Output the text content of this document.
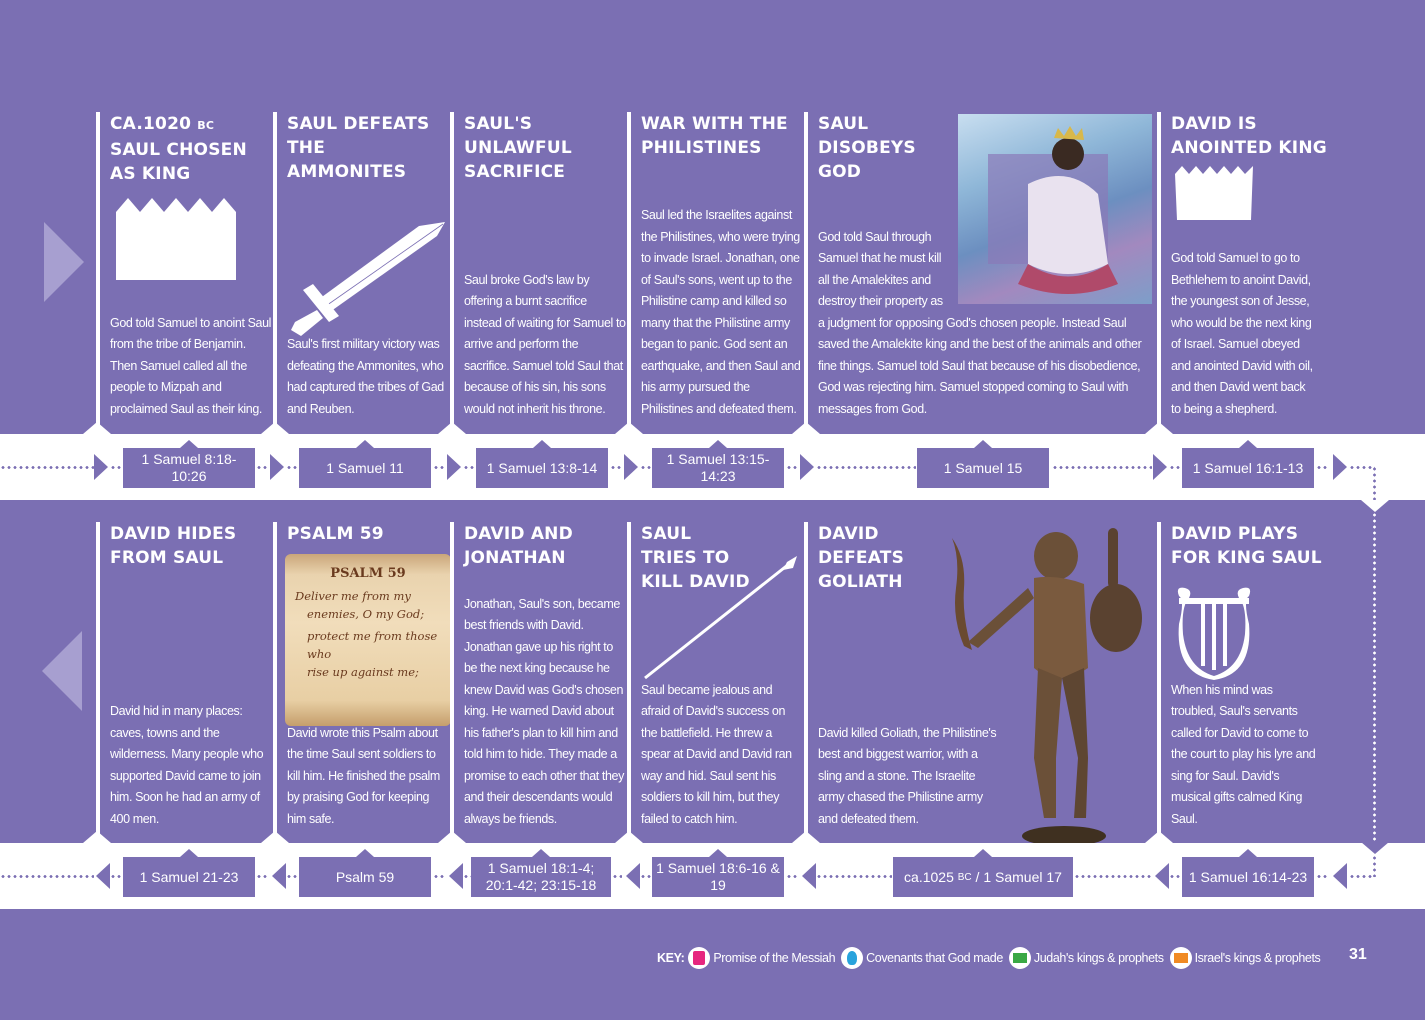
CA.1020 BC SAUL CHOSEN AS KING
God told Samuel to anoint Saul from the tribe of Benjamin. Then Samuel called all the people to Mizpah and proclaimed Saul as their king.
SAUL DEFEATS THE AMMONITES
Saul's first military victory was defeating the Ammonites, who had captured the tribes of Gad and Reuben.
SAUL'S UNLAWFUL SACRIFICE
Saul broke God's law by offering a burnt sacrifice instead of waiting for Samuel to arrive and perform the sacrifice. Samuel told Saul that because of his sin, his sons would not inherit his throne.
WAR WITH THE PHILISTINES
Saul led the Israelites against the Philistines, who were trying to invade Israel. Jonathan, one of Saul's sons, went up to the Philistine camp and killed so many that the Philistine army began to panic. God sent an earthquake, and then Saul and his army pursued the Philistines and defeated them.
SAUL DISOBEYS GOD
God told Saul through Samuel that he must kill all the Amalekites and destroy their property as
a judgment for opposing God's chosen people. Instead Saul saved the Amalekite king and the best of the animals and other fine things. Samuel told Saul that because of his disobedience, God was rejecting him. Samuel stopped coming to Saul with messages from God.
DAVID IS ANOINTED KING
God told Samuel to go to Bethlehem to anoint David, the youngest son of Jesse, who would be the next king of Israel. Samuel obeyed and anointed David with oil, and then David went back to being a shepherd.
1 Samuel 8:18-10:26
1 Samuel 11	1 Samuel 13:8-14
1 Samuel 13:15-14:23
1 Samuel 15	1 Samuel 16:1-13
DAVID HIDES FROM SAUL
David hid in many places: caves, towns and the wilderness. Many people who supported David came to join him. Soon he had an army of 400 men.
PSALM 59
PSALM 59
Deliver me from my
enemies, O my God;
protect me from those who
rise up against me;
David wrote this Psalm about the time Saul sent soldiers to kill him. He finished the psalm by praising God for keeping him safe.
DAVID AND JONATHAN
Jonathan, Saul's son, became best friends with David. Jonathan gave up his right to be the next king because he knew David was God's chosen king. He warned David about his father's plan to kill him and told him to hide. They made a promise to each other that they and their descendants would always be friends.
SAUL TRIES TO KILL DAVID
Saul became jealous and afraid of David's success on the battlefield. He threw a spear at David and David ran way and hid. Saul sent his soldiers to kill him, but they failed to catch him.
DAVID DEFEATS GOLIATH
David killed Goliath, the Philistine's best and biggest warrior, with a sling and a stone. The Israelite army chased the Philistine army and defeated them.
DAVID PLAYS FOR KING SAUL
When his mind was troubled, Saul's servants called for David to come to the court to play his lyre and sing for Saul. David's musical gifts calmed King Saul.
1 Samuel 21-23	Psalm 59
1 Samuel 18:1-4; 20:1-42; 23:15-18
1 Samuel 18:6-16 & 19
ca.1025
BC / 1 Samuel 17	1 Samuel 16:14-23
KEY: Promise of the Messiah Covenants that God made Judah's kings & prophets Israel's kings & prophets 31
